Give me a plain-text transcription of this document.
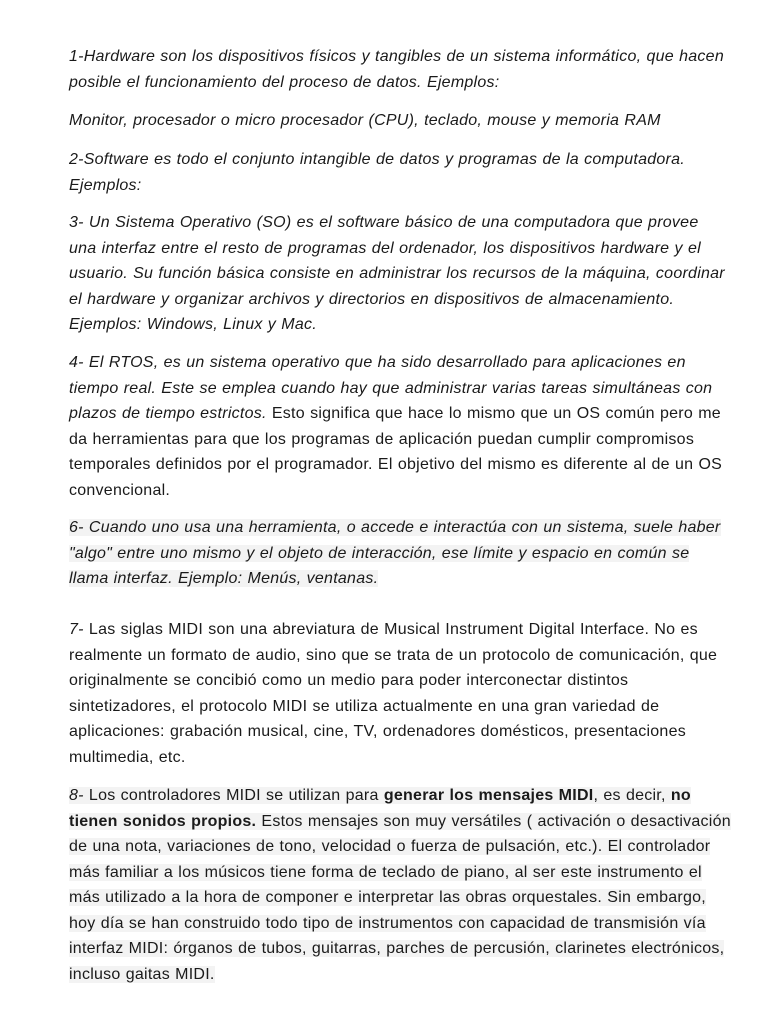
1-Hardware son los dispositivos físicos y tangibles de un sistema informático, que hacen posible el funcionamiento del proceso de datos. Ejemplos:

Monitor, procesador o micro procesador (CPU), teclado, mouse y memoria RAM

2-Software es todo el conjunto intangible de datos y programas de la computadora. Ejemplos:

3- Un Sistema Operativo (SO) es el software básico de una computadora que provee una interfaz entre el resto de programas del ordenador, los dispositivos hardware y el usuario. Su función básica consiste en administrar los recursos de la máquina, coordinar el hardware y organizar archivos y directorios en dispositivos de almacenamiento. Ejemplos: Windows, Linux y Mac.

4- El RTOS, es un sistema operativo que ha sido desarrollado para aplicaciones en tiempo real. Este se emplea cuando hay que administrar varias tareas simultáneas con plazos de tiempo estrictos. Esto significa que hace lo mismo que un OS común pero me da herramientas para que los programas de aplicación puedan cumplir compromisos temporales definidos por el programador. El objetivo del mismo es diferente al de un OS convencional.

6- Cuando uno usa una herramienta, o accede e interactúa con un sistema, suele haber "algo" entre uno mismo y el objeto de interacción, ese límite y espacio en común se llama interfaz. Ejemplo: Menús, ventanas.

7- Las siglas MIDI son una abreviatura de Musical Instrument Digital Interface. No es realmente un formato de audio, sino que se trata de un protocolo de comunicación, que originalmente se concibió como un medio para poder interconectar distintos sintetizadores, el protocolo MIDI se utiliza actualmente en una gran variedad de aplicaciones: grabación musical, cine, TV, ordenadores domésticos, presentaciones multimedia, etc.

8- Los controladores MIDI se utilizan para generar los mensajes MIDI, es decir, no tienen sonidos propios. Estos mensajes son muy versátiles ( activación o desactivación de una nota, variaciones de tono, velocidad o fuerza de pulsación, etc.). El controlador más familiar a los músicos tiene forma de teclado de piano, al ser este instrumento el más utilizado a la hora de componer e interpretar las obras orquestales. Sin embargo, hoy día se han construido todo tipo de instrumentos con capacidad de transmisión vía interfaz MIDI: órganos de tubos, guitarras, parches de percusión, clarinetes electrónicos, incluso gaitas MIDI.
